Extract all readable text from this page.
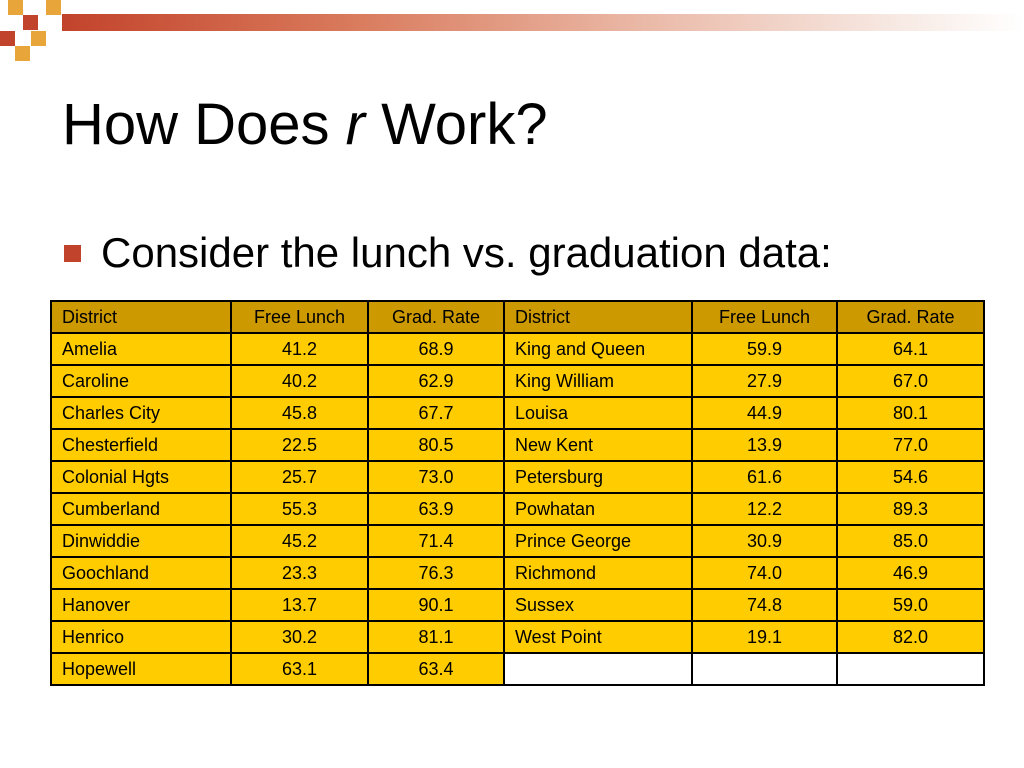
How Does r Work?
Consider the lunch vs. graduation data:
District	Free Lunch	Grad. Rate	District	Free Lunch	Grad. Rate
Amelia	41.2	68.9	King and Queen	59.9	64.1
Caroline	40.2	62.9	King William	27.9	67.0
Charles City	45.8	67.7	Louisa	44.9	80.1
Chesterfield	22.5	80.5	New Kent	13.9	77.0
Colonial Hgts	25.7	73.0	Petersburg	61.6	54.6
Cumberland	55.3	63.9	Powhatan	12.2	89.3
Dinwiddie	45.2	71.4	Prince George	30.9	85.0
Goochland	23.3	76.3	Richmond	74.0	46.9
Hanover	13.7	90.1	Sussex	74.8	59.0
Henrico	30.2	81.1	West Point	19.1	82.0
Hopewell	63.1	63.4			
